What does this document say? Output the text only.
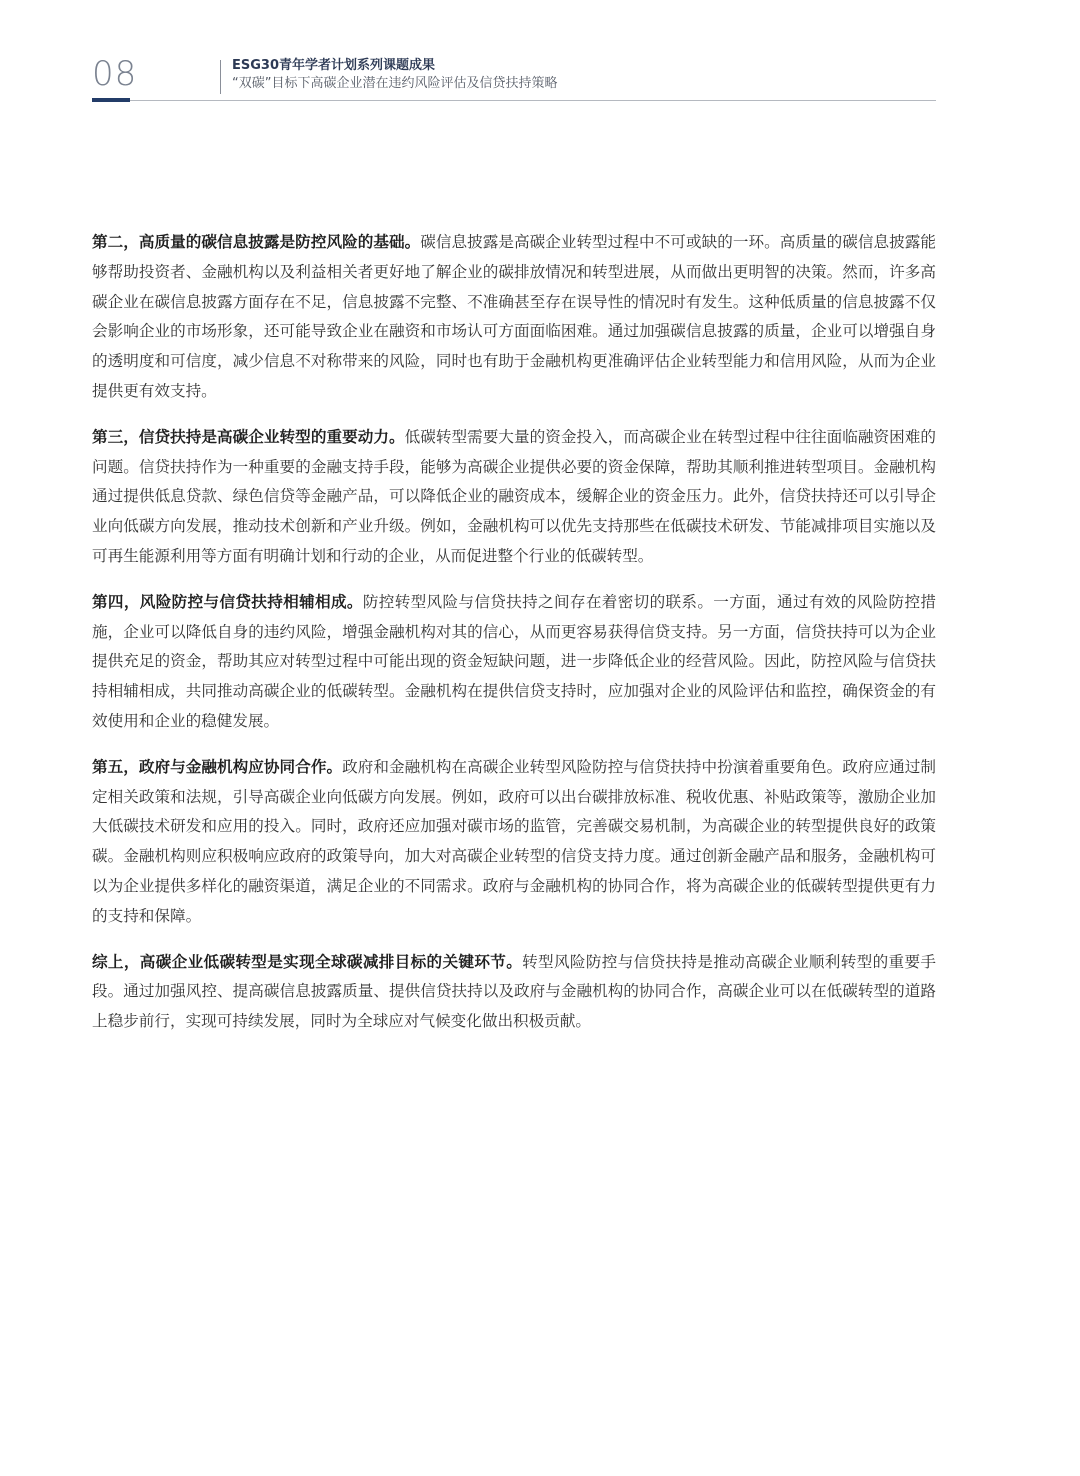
08	ESG30青年学者计划系列课题成果
“双碳”目标下高碳企业潜在违约风险评估及信贷扶持策略

第二，高质量的碳信息披露是防控风险的基础。碳信息披露是高碳企业转型过程中不可或缺的一环。高质量的碳信息披露能够帮助投资者、金融机构以及利益相关者更好地了解企业的碳排放情况和转型进展，从而做出更明智的决策。然而，许多高碳企业在碳信息披露方面存在不足，信息披露不完整、不准确甚至存在误导性的情况时有发生。这种低质量的信息披露不仅会影响企业的市场形象，还可能导致企业在融资和市场认可方面面临困难。通过加强碳信息披露的质量，企业可以增强自身的透明度和可信度，减少信息不对称带来的风险，同时也有助于金融机构更准确评估企业转型能力和信用风险，从而为企业提供更有效支持。

第三，信贷扶持是高碳企业转型的重要动力。低碳转型需要大量的资金投入，而高碳企业在转型过程中往往面临融资困难的问题。信贷扶持作为一种重要的金融支持手段，能够为高碳企业提供必要的资金保障，帮助其顺利推进转型项目。金融机构通过提供低息贷款、绿色信贷等金融产品，可以降低企业的融资成本，缓解企业的资金压力。此外，信贷扶持还可以引导企业向低碳方向发展，推动技术创新和产业升级。例如，金融机构可以优先支持那些在低碳技术研发、节能减排项目实施以及可再生能源利用等方面有明确计划和行动的企业，从而促进整个行业的低碳转型。

第四，风险防控与信贷扶持相辅相成。防控转型风险与信贷扶持之间存在着密切的联系。一方面，通过有效的风险防控措施，企业可以降低自身的违约风险，增强金融机构对其的信心，从而更容易获得信贷支持。另一方面，信贷扶持可以为企业提供充足的资金，帮助其应对转型过程中可能出现的资金短缺问题，进一步降低企业的经营风险。因此，防控风险与信贷扶持相辅相成，共同推动高碳企业的低碳转型。金融机构在提供信贷支持时，应加强对企业的风险评估和监控，确保资金的有效使用和企业的稳健发展。

第五，政府与金融机构应协同合作。政府和金融机构在高碳企业转型风险防控与信贷扶持中扮演着重要角色。政府应通过制定相关政策和法规，引导高碳企业向低碳方向发展。例如，政府可以出台碳排放标准、税收优惠、补贴政策等，激励企业加大低碳技术研发和应用的投入。同时，政府还应加强对碳市场的监管，完善碳交易机制，为高碳企业的转型提供良好的政策碳。金融机构则应积极响应政府的政策导向，加大对高碳企业转型的信贷支持力度。通过创新金融产品和服务，金融机构可以为企业提供多样化的融资渠道，满足企业的不同需求。政府与金融机构的协同合作，将为高碳企业的低碳转型提供更有力的支持和保障。

综上，高碳企业低碳转型是实现全球碳减排目标的关键环节。转型风险防控与信贷扶持是推动高碳企业顺利转型的重要手段。通过加强风控、提高碳信息披露质量、提供信贷扶持以及政府与金融机构的协同合作，高碳企业可以在低碳转型的道路上稳步前行，实现可持续发展，同时为全球应对气候变化做出积极贡献。
